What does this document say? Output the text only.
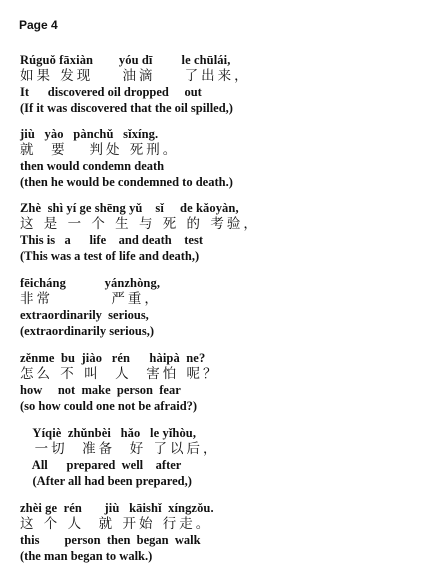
Page 4
Rúguǒ fāxiàn        yóu dī         le chūlái,
如果 发现    油滴    了出来，
It      discovered oil dropped     out
(If it was discovered that the oil spilled,)
jiù   yào   pànchǔ   sǐxíng.
就  要   判处 死刑。
then would condemn death
(then he would be condemned to death.)
Zhè  shì yí ge shēng yǔ    sǐ     de kǎoyàn,
这 是 一 个 生 与 死 的 考验，
This is   a      life    and death    test
(This was a test of life and death,)
fēicháng            yánzhòng,
非常        严重，
extraordinarily  serious,
(extraordinarily serious,)
zěnme  bu  jiào   rén      hàipà  ne?
怎么 不 叫  人  害怕 呢？
how     not  make  person  fear
(so how could one not be afraid?)
Yíqiè  zhǔnbèi   hǎo   le yǐhòu,
一切  准备  好 了以后，
All      prepared  well    after
(After all had been prepared,)
zhèi ge  rén       jiù   kāishǐ  xíngzǒu.
这 个 人  就 开始 行走。
this        person  then  began  walk
(the man began to walk.)
